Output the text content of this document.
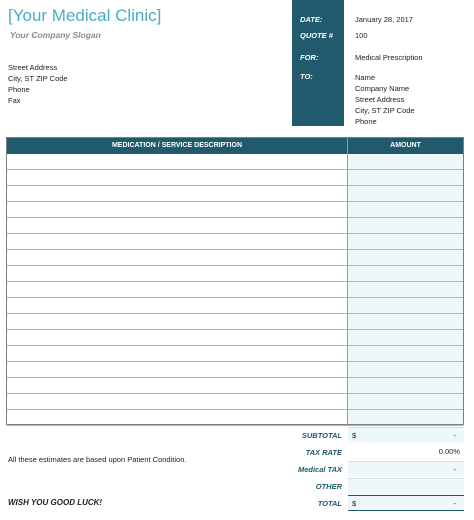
[Your Medical Clinic]
Your Company Slogan
Street Address
City, ST ZIP Code
Phone
Fax
DATE:	January 28, 2017
QUOTE #	100
FOR:	Medical Prescription
TO:	Name
Company Name
Street Address
City, ST ZIP Code
Phone
MEDICATION / SERVICE DESCRIPTION	AMOUNT
SUBTOTAL $	-
TAX RATE	0.00%
Medical TAX	-
OTHER
TOTAL $	-
All these estimates are based upon Patient Condition.
WISH YOU GOOD LUCK!
